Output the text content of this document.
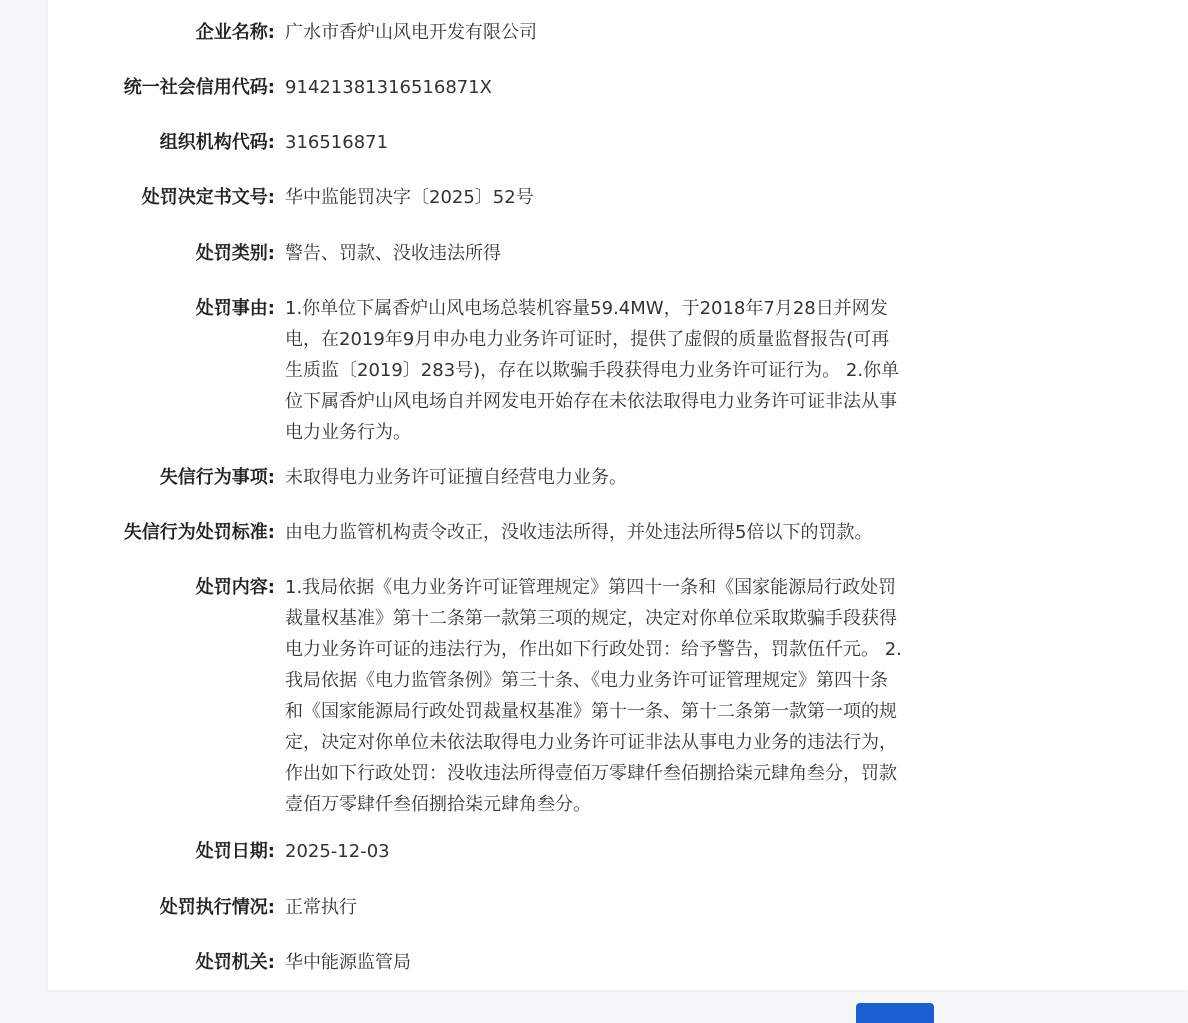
企业名称: 广水市香炉山风电开发有限公司
统一社会信用代码: 91421381316516871X
组织机构代码: 316516871
处罚决定书文号: 华中监能罚决字〔2025〕52号
处罚类别: 警告、罚款、没收违法所得
处罚事由: 1.你单位下属香炉山风电场总装机容量59.4MW，于2018年7月28日并网发电，在2019年9月申办电力业务许可证时，提供了虚假的质量监督报告(可再生质监〔2019〕283号)，存在以欺骗手段获得电力业务许可证行为。 2.你单位下属香炉山风电场自并网发电开始存在未依法取得电力业务许可证非法从事电力业务行为。
失信行为事项: 未取得电力业务许可证擅自经营电力业务。
失信行为处罚标准: 由电力监管机构责令改正，没收违法所得，并处违法所得5倍以下的罚款。
处罚内容: 1.我局依据《电力业务许可证管理规定》第四十一条和《国家能源局行政处罚裁量权基准》第十二条第一款第三项的规定，决定对你单位采取欺骗手段获得电力业务许可证的违法行为，作出如下行政处罚：给予警告，罚款伍仟元。 2.我局依据《电力监管条例》第三十条、《电力业务许可证管理规定》第四十条和《国家能源局行政处罚裁量权基准》第十一条、第十二条第一款第一项的规定，决定对你单位未依法取得电力业务许可证非法从事电力业务的违法行为，作出如下行政处罚：没收违法所得壹佰万零肆仟叁佰捌拾柒元肆角叁分，罚款壹佰万零肆仟叁佰捌拾柒元肆角叁分。
处罚日期: 2025-12-03
处罚执行情况: 正常执行
处罚机关: 华中能源监管局
